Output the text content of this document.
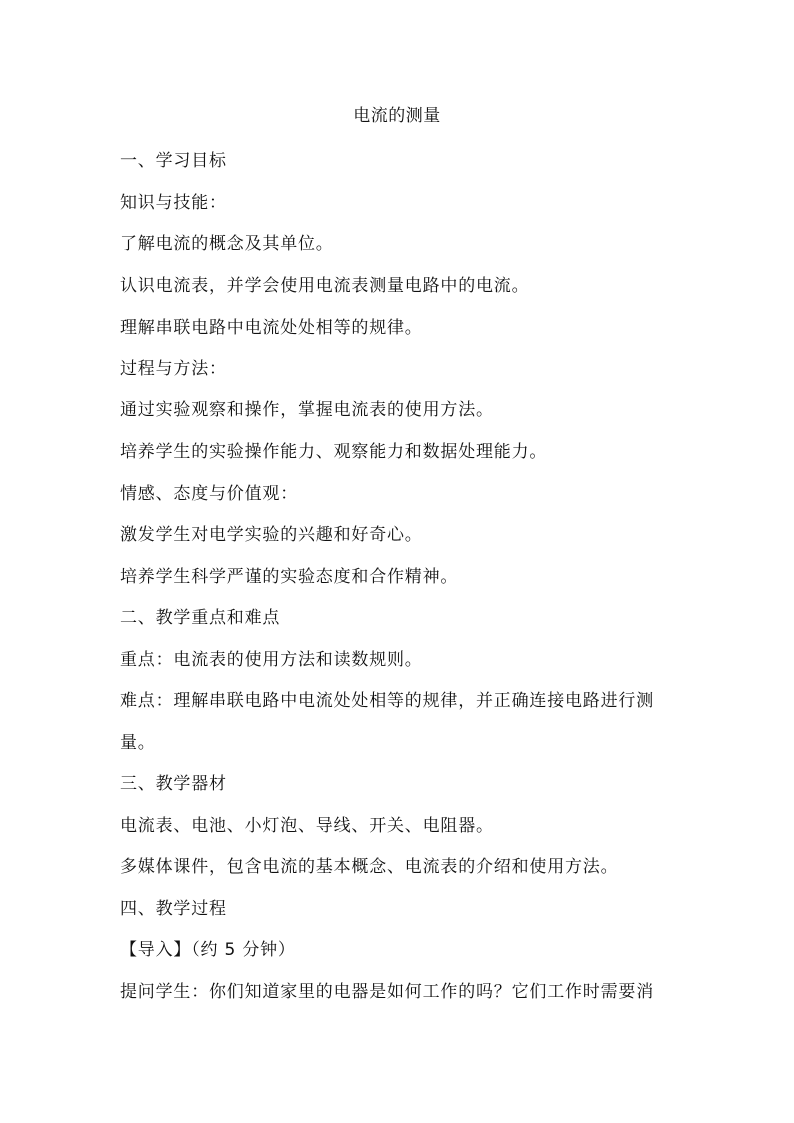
电流的测量
一、学习目标
知识与技能：
了解电流的概念及其单位。
认识电流表，并学会使用电流表测量电路中的电流。
理解串联电路中电流处处相等的规律。
过程与方法：
通过实验观察和操作，掌握电流表的使用方法。
培养学生的实验操作能力、观察能力和数据处理能力。
情感、态度与价值观：
激发学生对电学实验的兴趣和好奇心。
培养学生科学严谨的实验态度和合作精神。
二、教学重点和难点
重点：电流表的使用方法和读数规则。
难点：理解串联电路中电流处处相等的规律，并正确连接电路进行测
量。
三、教学器材
电流表、电池、小灯泡、导线、开关、电阻器。
多媒体课件，包含电流的基本概念、电流表的介绍和使用方法。
四、教学过程
【导入】（约 5 分钟）
提问学生：你们知道家里的电器是如何工作的吗？它们工作时需要消
